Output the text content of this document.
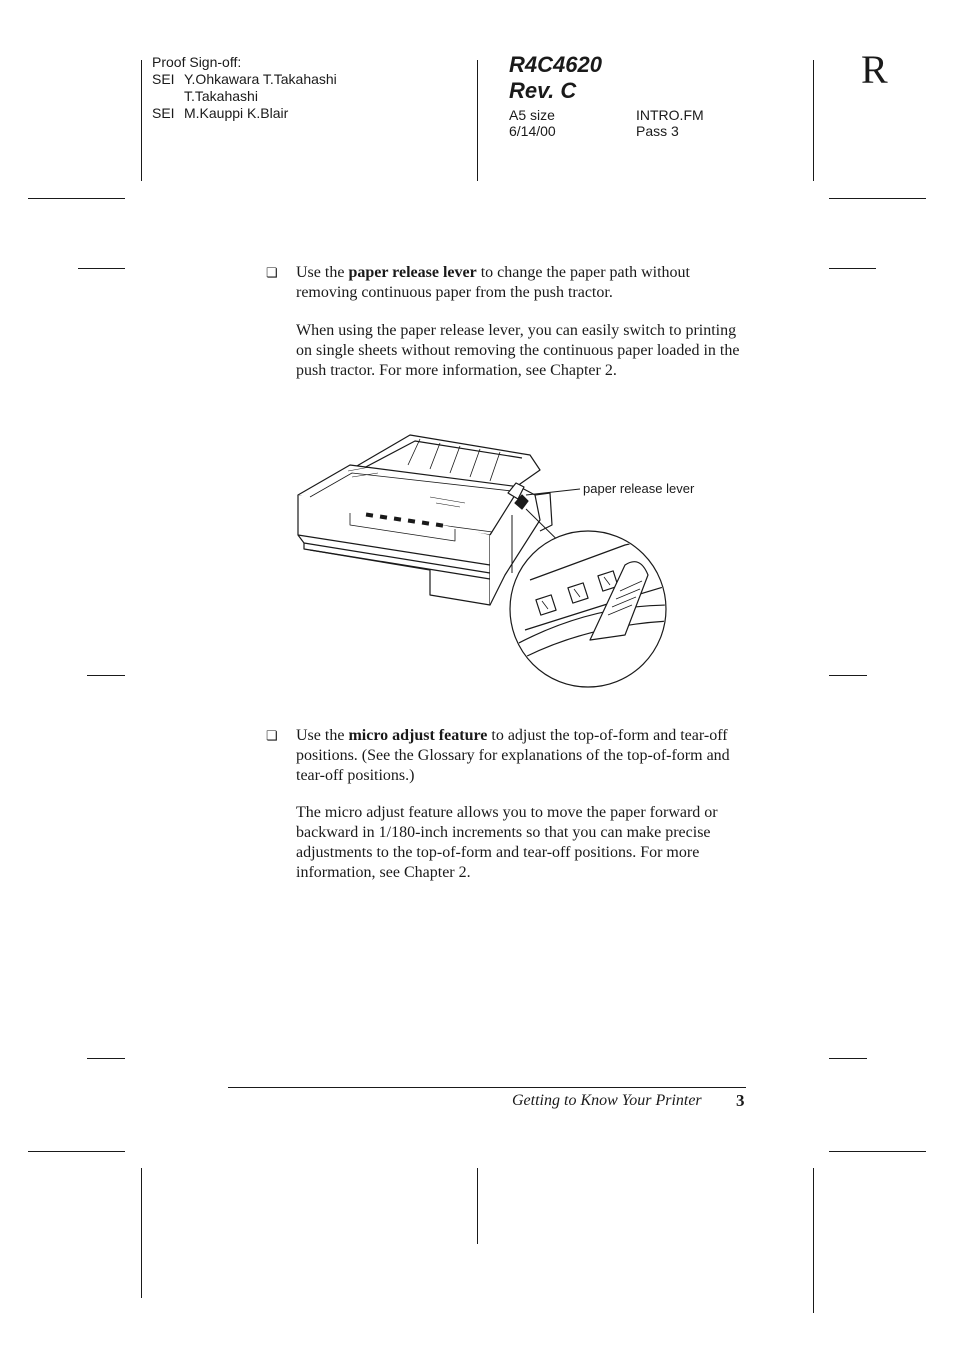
Proof Sign-off:
SEI Y.Ohkawara T.Takahashi
T.Takahashi
SEI M.Kauppi K.Blair
R4C4620
Rev. C
A5 size
6/14/00
INTRO.FM
Pass 3
R
❏ Use the paper release lever to change the paper path without removing continuous paper from the push tractor.

When using the paper release lever, you can easily switch to printing on single sheets without removing the continuous paper loaded in the push tractor. For more information, see Chapter 2.

paper release lever
❏ Use the micro adjust feature to adjust the top-of-form and tear-off positions. (See the Glossary for explanations of the top-of-form and tear-off positions.)

The micro adjust feature allows you to move the paper forward or backward in 1/180-inch increments so that you can make precise adjustments to the top-of-form and tear-off positions. For more information, see Chapter 2.

Getting to Know Your Printer 3
